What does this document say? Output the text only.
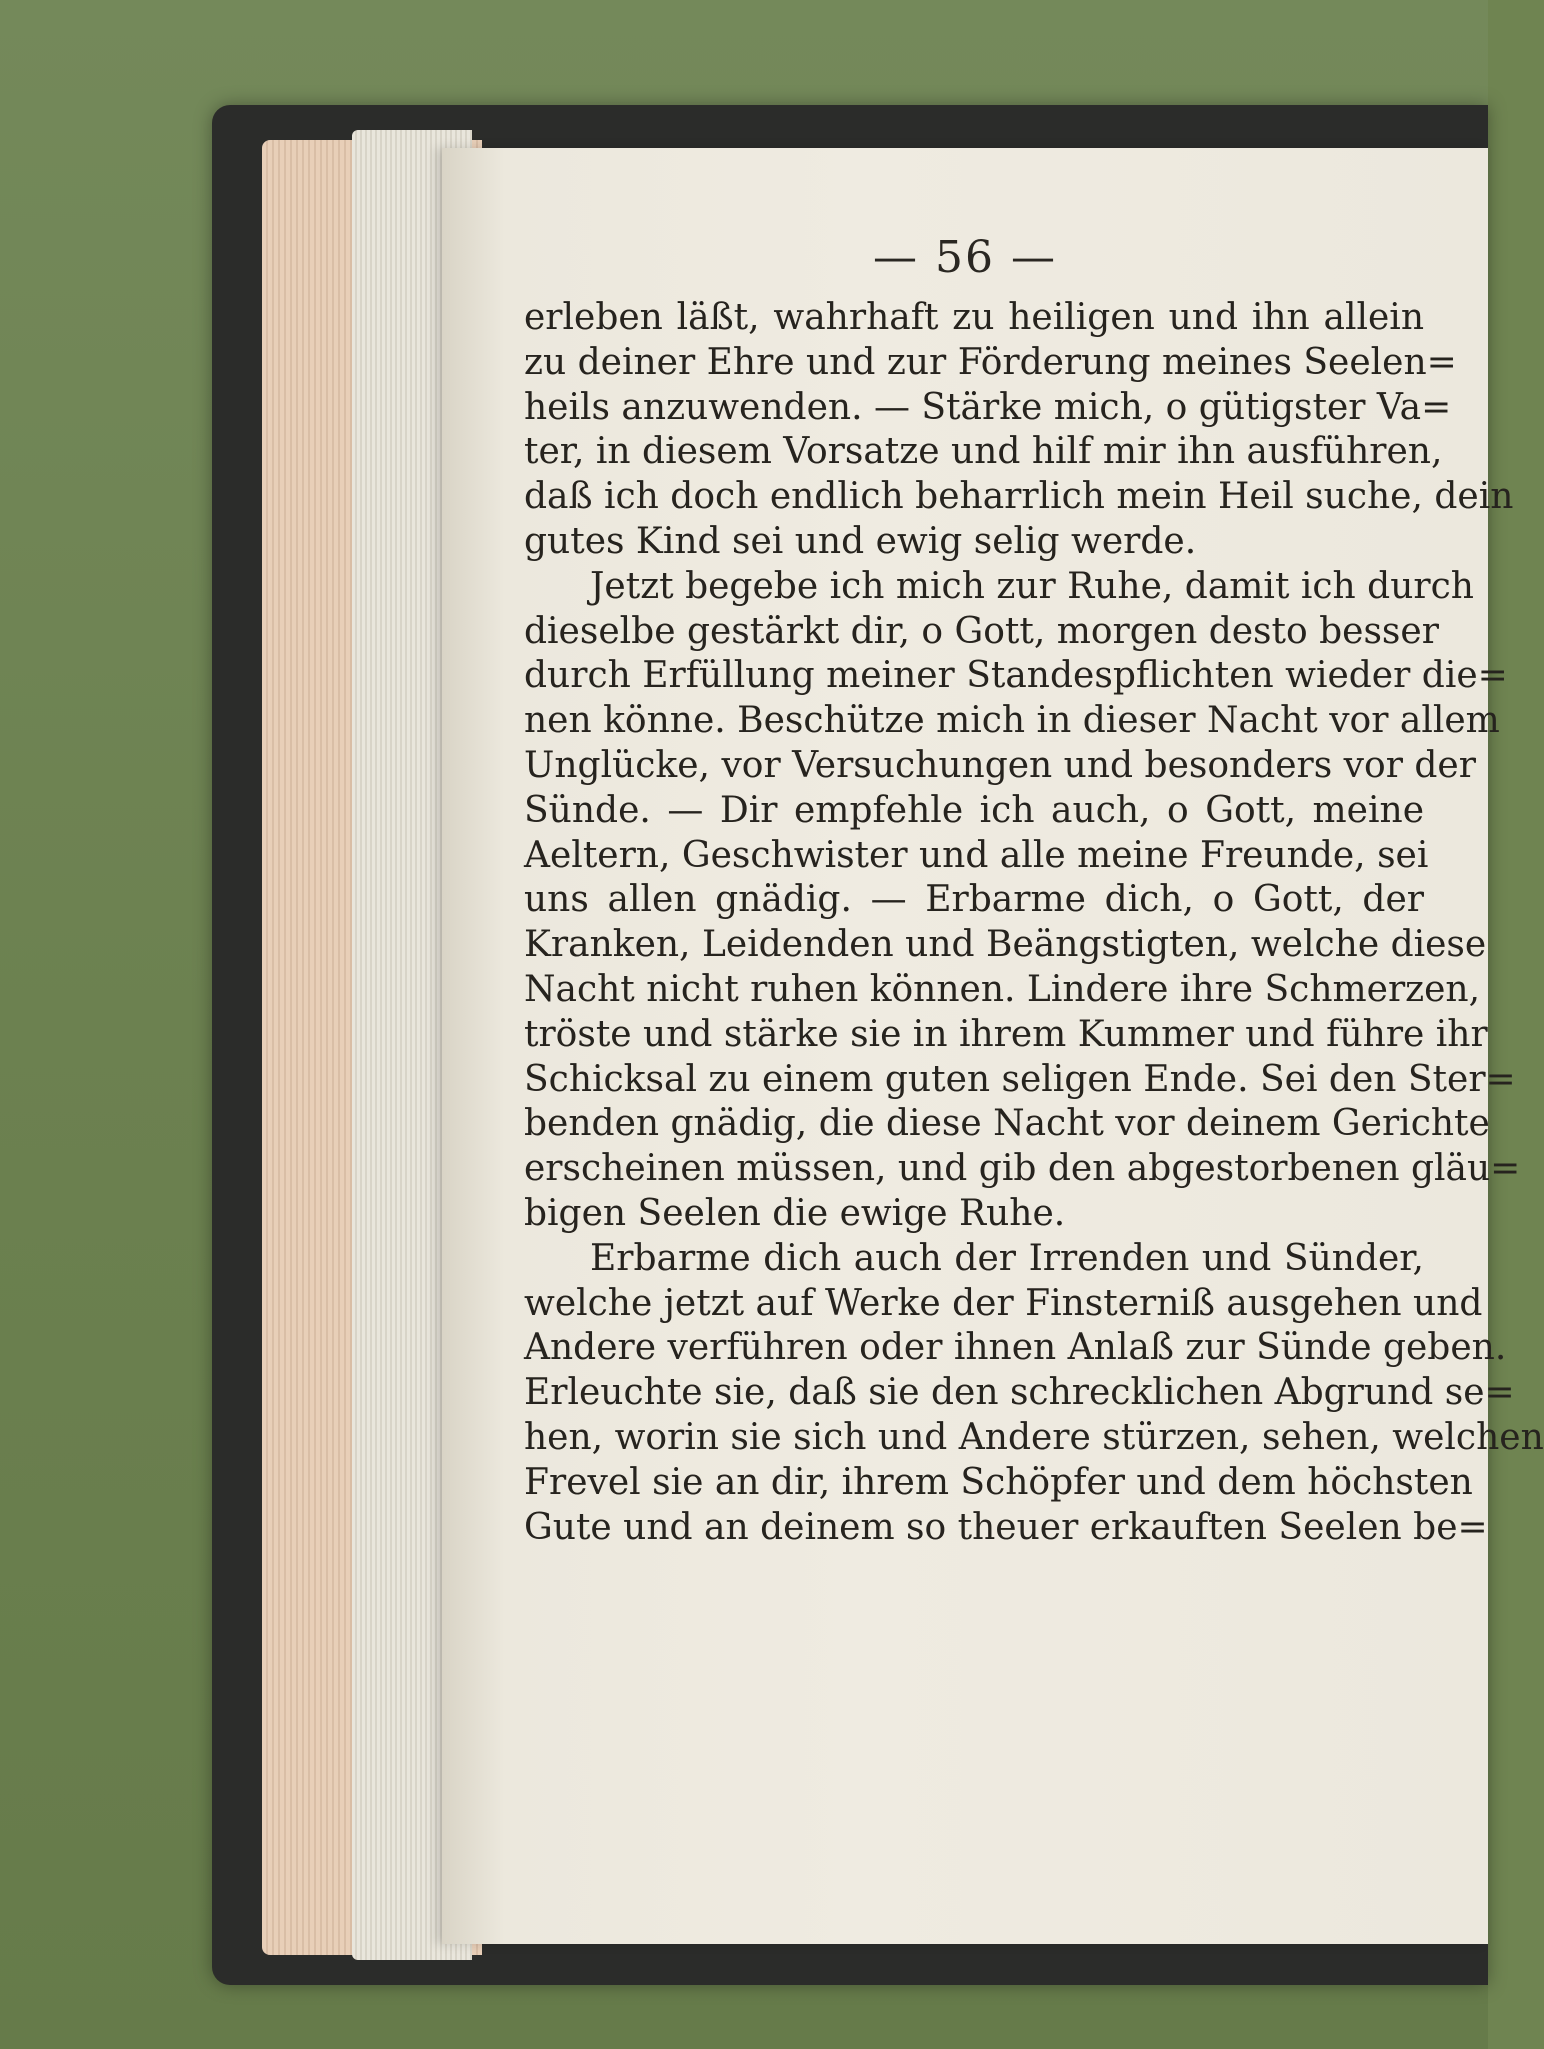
— 56 —
erleben läßt, wahrhaft zu heiligen und ihn allein
zu deiner Ehre und zur Förderung meines Seelen=
heils anzuwenden. — Stärke mich, o gütigster Va=
ter, in diesem Vorsatze und hilf mir ihn ausführen,
daß ich doch endlich beharrlich mein Heil suche, dein
gutes Kind sei und ewig selig werde.
Jetzt begebe ich mich zur Ruhe, damit ich durch
dieselbe gestärkt dir, o Gott, morgen desto besser
durch Erfüllung meiner Standespflichten wieder die=
nen könne. Beschütze mich in dieser Nacht vor allem
Unglücke, vor Versuchungen und besonders vor der
Sünde. — Dir empfehle ich auch, o Gott, meine
Aeltern, Geschwister und alle meine Freunde, sei
uns allen gnädig. — Erbarme dich, o Gott, der
Kranken, Leidenden und Beängstigten, welche diese
Nacht nicht ruhen können. Lindere ihre Schmerzen,
tröste und stärke sie in ihrem Kummer und führe ihr
Schicksal zu einem guten seligen Ende. Sei den Ster=
benden gnädig, die diese Nacht vor deinem Gerichte
erscheinen müssen, und gib den abgestorbenen gläu=
bigen Seelen die ewige Ruhe.
Erbarme dich auch der Irrenden und Sünder,
welche jetzt auf Werke der Finsterniß ausgehen und
Andere verführen oder ihnen Anlaß zur Sünde geben.
Erleuchte sie, daß sie den schrecklichen Abgrund se=
hen, worin sie sich und Andere stürzen, sehen, welchen
Frevel sie an dir, ihrem Schöpfer und dem höchsten
Gute und an deinem so theuer erkauften Seelen be=
